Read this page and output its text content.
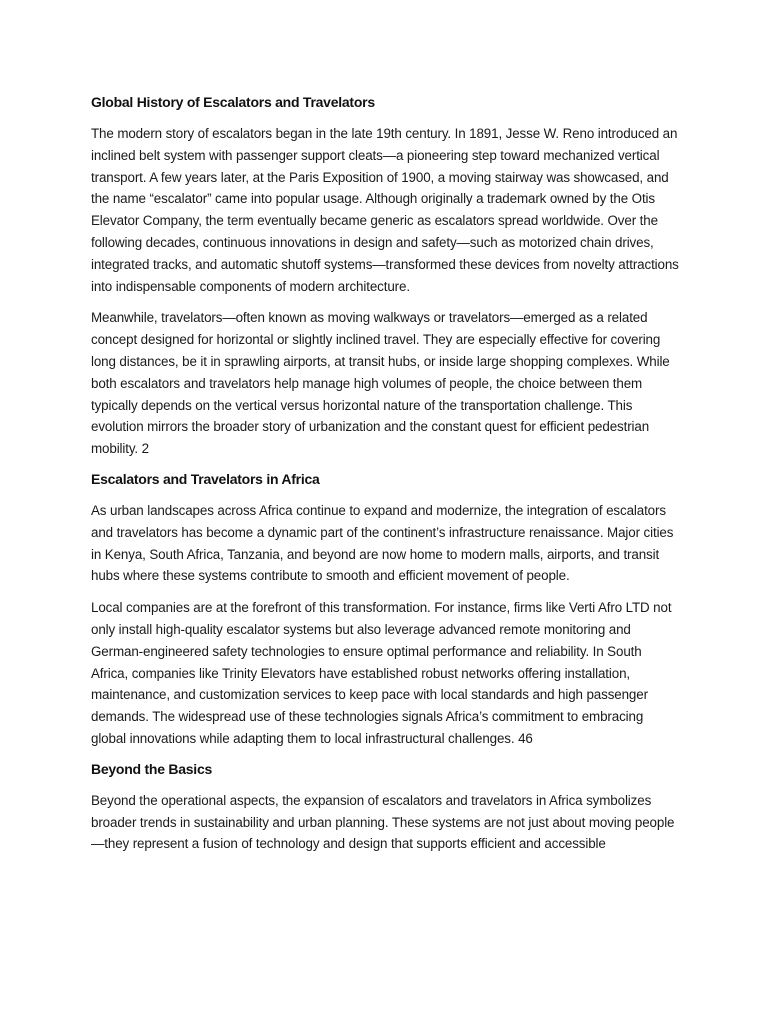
Global History of Escalators and Travelators

The modern story of escalators began in the late 19th century. In 1891, Jesse W. Reno introduced an inclined belt system with passenger support cleats—a pioneering step toward mechanized vertical transport. A few years later, at the Paris Exposition of 1900, a moving stairway was showcased, and the name “escalator” came into popular usage. Although originally a trademark owned by the Otis Elevator Company, the term eventually became generic as escalators spread worldwide. Over the following decades, continuous innovations in design and safety—such as motorized chain drives, integrated tracks, and automatic shutoff systems—transformed these devices from novelty attractions into indispensable components of modern architecture.

Meanwhile, travelators—often known as moving walkways or travelators—emerged as a related concept designed for horizontal or slightly inclined travel. They are especially effective for covering long distances, be it in sprawling airports, at transit hubs, or inside large shopping complexes. While both escalators and travelators help manage high volumes of people, the choice between them typically depends on the vertical versus horizontal nature of the transportation challenge. This evolution mirrors the broader story of urbanization and the constant quest for efficient pedestrian mobility. 2

Escalators and Travelators in Africa

As urban landscapes across Africa continue to expand and modernize, the integration of escalators and travelators has become a dynamic part of the continent’s infrastructure renaissance. Major cities in Kenya, South Africa, Tanzania, and beyond are now home to modern malls, airports, and transit hubs where these systems contribute to smooth and efficient movement of people.

Local companies are at the forefront of this transformation. For instance, firms like Verti Afro LTD not only install high-quality escalator systems but also leverage advanced remote monitoring and German-engineered safety technologies to ensure optimal performance and reliability. In South Africa, companies like Trinity Elevators have established robust networks offering installation, maintenance, and customization services to keep pace with local standards and high passenger demands. The widespread use of these technologies signals Africa’s commitment to embracing global innovations while adapting them to local infrastructural challenges. 46

Beyond the Basics

Beyond the operational aspects, the expansion of escalators and travelators in Africa symbolizes broader trends in sustainability and urban planning. These systems are not just about moving people—they represent a fusion of technology and design that supports efficient and accessible
